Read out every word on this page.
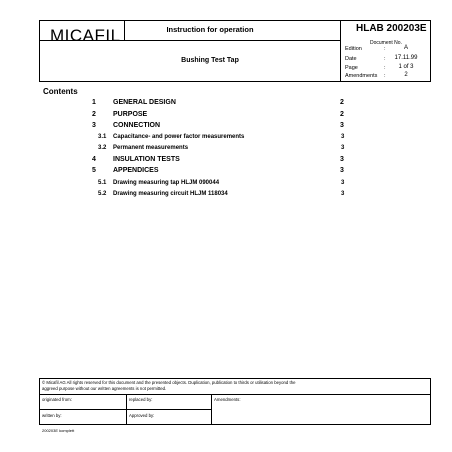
MICAFIL	Instruction for operation
Bushing Test Tap
HLAB 200203E
Document No.
Edition	:	A
Date	:	17.11.99
Page	:	1 of 3
Amendments :	2
Contents
1 GENERAL DESIGN	2
2 PURPOSE	2
3 CONNECTION	3
3.1 Capacitance- and power factor measurements	3
3.2 Permanent measurements	3
4 INSULATION TESTS	3
5 APPENDICES	3
5.1 Drawing measuring tap HLJM 090044	3
5.2 Drawing measuring circuit HLJM 118034	3
© Micafil AG All rights reserved for this document and the presented objects. Duplication, publication to thirds or utilisation beyond the
aggreed purpose without our written agreements is not permitted.
originated from:	replaced by:	Amendments:
written by:	Approved by:
200203E komplett
